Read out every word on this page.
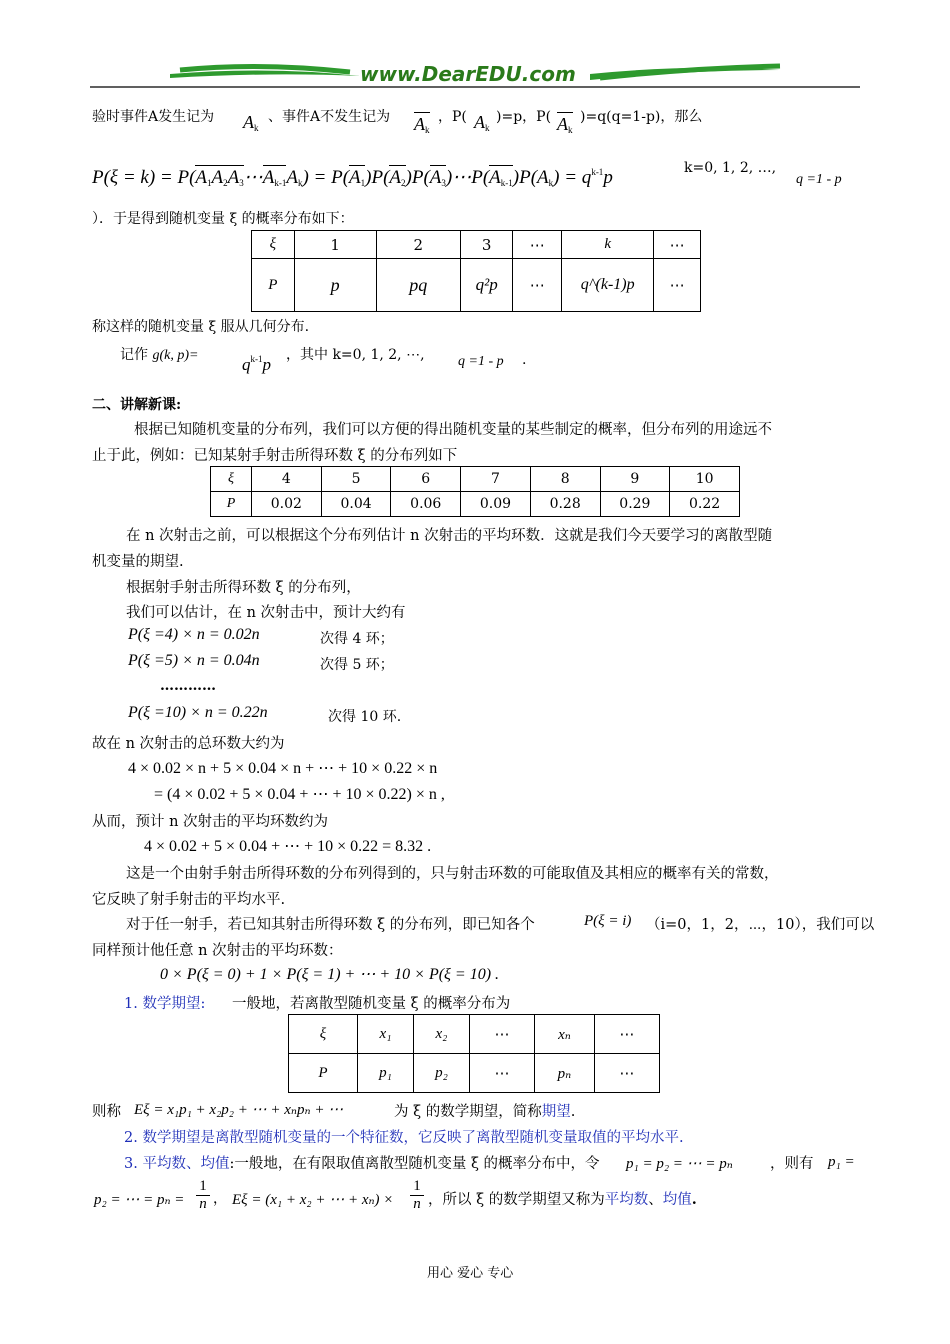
www.DearEDU.com
验时事件A发生记为 $A_k$
、事件A不发生记为 $A_k$
，P( $A_k$
)=p，P( $A_k$
)=q(q=1-p)，那么
$P(\xi = k) = P(A_1A_2A_3\cdots A_{k-1}A_k)$ = $P(A_1)P(A_2)P(A_3)\cdots P(A_{k-1})P(A_k) = q^{k-1}p$	k=0, 1, 2, …,
q =1 - p
）．于是得到随机变量 ξ 的概率分布如下：
ξ	1	2	3	⋯	k	⋯
P	p	pq	q²p	⋯	q^(k-1)p	⋯
称这样的随机变量 ξ 服从几何分布.
记作 g(k, p)=	$q^{k-1}p$ ，其中 k=0, 1, 2, ⋯, q =1 - p .
二、讲解新课:
根据已知随机变量的分布列，我们可以方便的得出随机变量的某些制定的概率，但分布列的用途远不
止于此，例如：已知某射手射击所得环数 ξ 的分布列如下
ξ	4	5	6	7	8	9	10
P	0.02	0.04	0.06	0.09	0.28	0.29	0.22
在 n 次射击之前，可以根据这个分布列估计 n 次射击的平均环数．这就是我们今天要学习的离散型随
机变量的期望.
根据射手射击所得环数 ξ 的分布列，
我们可以估计，在 n 次射击中，预计大约有
P(ξ =4) × n = 0.02n	次得 4 环；
P(ξ =5) × n = 0.04n	次得 5 环；
…………
P(ξ =10) × n = 0.22n	次得 10 环.
故在 n 次射击的总环数大约为
4 × 0.02 × n + 5 × 0.04 × n + ⋯ + 10 × 0.22 × n
= (4 × 0.02 + 5 × 0.04 + ⋯ + 10 × 0.22) × n ,
从而，预计 n 次射击的平均环数约为
4 × 0.02 + 5 × 0.04 + ⋯ + 10 × 0.22 = 8.32 .
这是一个由射手射击所得环数的分布列得到的，只与射击环数的可能取值及其相应的概率有关的常数，
它反映了射手射击的平均水平.
对于任一射手，若已知其射击所得环数 ξ 的分布列，即已知各个	P(ξ = i) （i=0，1，2，⋯，10），我们可以
同样预计他任意 n 次射击的平均环数：
0 × P(ξ = 0) + 1 × P(ξ = 1) + ⋯ + 10 × P(ξ = 10) .
1. 数学期望: 一般地，若离散型随机变量 ξ 的概率分布为
ξ	x₁	x₂	⋯	xₙ	⋯
P	p₁	p₂	⋯	pₙ	⋯
则称 Eξ = x₁p₁ + x₂p₂ + ⋯ + xₙpₙ + ⋯	为 ξ 的数学期望，简称期望.
2. 数学期望是离散型随机变量的一个特征数，它反映了离散型随机变量取值的平均水平.
3. 平均数、均值:一般地，在有限取值离散型随机变量 ξ 的概率分布中，令 p₁ = p₂ = ⋯ = pₙ	，则有 p₁ =
p₂ = ⋯ = pₙ =
1
n ， Eξ = (x₁ + x₂ + ⋯ + xₙ) ×
1
n ，所以 ξ 的数学期望又称为平均数、均值.
用心 爱心 专心
